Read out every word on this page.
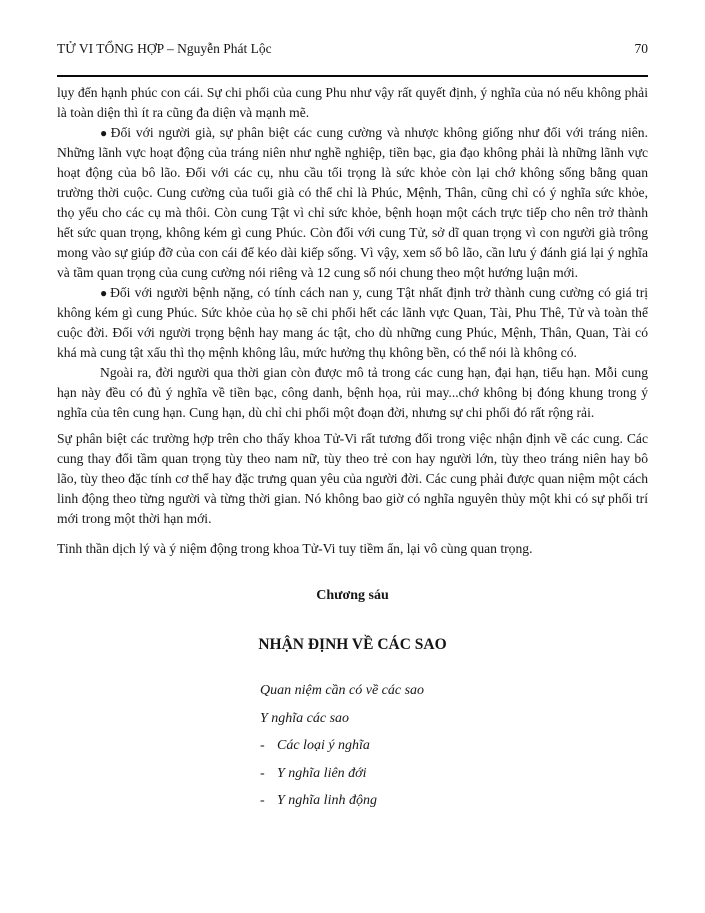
TỬ VI TỔNG HỢP – Nguyễn Phát Lộc	70

lụy đến hạnh phúc con cái. Sự chi phối của cung Phu như vậy rất quyết định, ý nghĩa của nó nếu không phải là toàn diện thì ít ra cũng đa diện và mạnh mẽ.

● Đối với người già, sự phân biệt các cung cường và nhược không giống như đối với tráng niên. Những lãnh vực hoạt động của tráng niên như nghề nghiệp, tiền bạc, gia đạo không phải là những lãnh vực hoạt động của bô lão. Đối với các cụ, nhu cầu tối trọng là sức khỏe còn lại chớ không sống bằng quan trường thời cuộc. Cung cường của tuổi già có thể chỉ là Phúc, Mệnh, Thân, cũng chỉ có ý nghĩa sức khỏe, thọ yểu cho các cụ mà thôi. Còn cung Tật vì chỉ sức khỏe, bệnh hoạn một cách trực tiếp cho nên trở thành hết sức quan trọng, không kém gì cung Phúc. Còn đối với cung Tử, sở dĩ quan trọng vì con người già trông mong vào sự giúp đỡ của con cái để kéo dài kiếp sống. Vì vậy, xem số bô lão, cần lưu ý đánh giá lại ý nghĩa và tầm quan trọng của cung cường nói riêng và 12 cung số nói chung theo một hướng luận mới.

● Đối với người bệnh nặng, có tính cách nan y, cung Tật nhất định trở thành cung cường có giá trị không kém gì cung Phúc. Sức khỏe của họ sẽ chi phối hết các lãnh vực Quan, Tài, Phu Thê, Tử và toàn thể cuộc đời. Đối với người trọng bệnh hay mang ác tật, cho dù những cung Phúc, Mệnh, Thân, Quan, Tài có khá mà cung tật xấu thì thọ mệnh không lâu, mức hưởng thụ không bền, có thể nói là không có.

Ngoài ra, đời người qua thời gian còn được mô tả trong các cung hạn, đại hạn, tiểu hạn. Mỗi cung hạn này đều có đủ ý nghĩa về tiền bạc, công danh, bệnh họa, rủi may...chớ không bị đóng khung trong ý nghĩa của tên cung hạn. Cung hạn, dù chỉ chi phối một đoạn đời, nhưng sự chi phối đó rất rộng rải.

Sự phân biệt các trường hợp trên cho thấy khoa Tử-Vi rất tương đối trong việc nhận định về các cung. Các cung thay đổi tầm quan trọng tùy theo nam nữ, tùy theo trẻ con hay người lớn, tùy theo tráng niên hay bô lão, tùy theo đặc tính cơ thể hay đặc trưng quan yêu của người đời. Các cung phải được quan niệm một cách linh động theo từng người và từng thời gian. Nó không bao giờ có nghĩa nguyên thủy một khi có sự phối trí mới trong một thời hạn mới.

Tinh thần dịch lý và ý niệm động trong khoa Tử-Vi tuy tiềm ẩn, lại vô cùng quan trọng.

Chương sáu
NHẬN ĐỊNH VỀ CÁC SAO
Quan niệm cần có về các sao
Y nghĩa các sao
- Các loại ý nghĩa
- Y nghĩa liên đới
- Y nghĩa linh động
